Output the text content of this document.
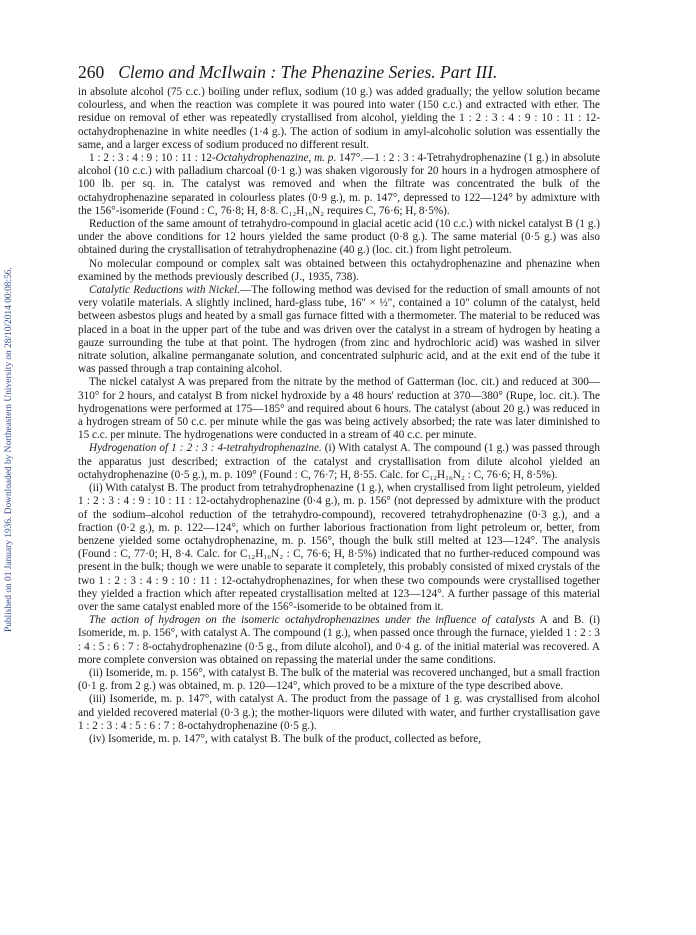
Published on 01 January 1936. Downloaded by Northeastern University on 28/10/2014 00:08:56.
260 Clemo and McIlwain : The Phenazine Series. Part III.

in absolute alcohol (75 c.c.) boiling under reflux, sodium (10 g.) was added gradually; the yellow solution became colourless, and when the reaction was complete it was poured into water (150 c.c.) and extracted with ether. The residue on removal of ether was repeatedly crystallised from alcohol, yielding the 1 : 2 : 3 : 4 : 9 : 10 : 11 : 12-octahydrophenazine in white needles (1·4 g.). The action of sodium in amyl-alcoholic solution was essentially the same, and a larger excess of sodium produced no different result.

1 : 2 : 3 : 4 : 9 : 10 : 11 : 12-Octahydrophenazine, m. p. 147°.—1 : 2 : 3 : 4-Tetrahydrophenazine (1 g.) in absolute alcohol (10 c.c.) with palladium charcoal (0·1 g.) was shaken vigorously for 20 hours in a hydrogen atmosphere of 100 lb. per sq. in. The catalyst was removed and when the filtrate was concentrated the bulk of the octahydrophenazine separated in colourless plates (0·9 g.), m. p. 147°, depressed to 122—124° by admixture with the 156°-isomeride (Found : C, 76·8; H, 8·8. C₁₂H₁₆N₂ requires C, 76·6; H, 8·5%).

Reduction of the same amount of tetrahydro-compound in glacial acetic acid (10 c.c.) with nickel catalyst B (1 g.) under the above conditions for 12 hours yielded the same product (0·8 g.). The same material (0·5 g.) was also obtained during the crystallisation of tetrahydrophenazine (40 g.) (loc. cit.) from light petroleum.

No molecular compound or complex salt was obtained between this octahydrophenazine and phenazine when examined by the methods previously described (J., 1935, 738).

Catalytic Reductions with Nickel.—The following method was devised for the reduction of small amounts of not very volatile materials. A slightly inclined, hard-glass tube, 16″ × ½″, contained a 10″ column of the catalyst, held between asbestos plugs and heated by a small gas furnace fitted with a thermometer. The material to be reduced was placed in a boat in the upper part of the tube and was driven over the catalyst in a stream of hydrogen by heating a gauze surrounding the tube at that point. The hydrogen (from zinc and hydrochloric acid) was washed in silver nitrate solution, alkaline permanganate solution, and concentrated sulphuric acid, and at the exit end of the tube it was passed through a trap containing alcohol.

The nickel catalyst A was prepared from the nitrate by the method of Gatterman (loc. cit.) and reduced at 300—310° for 2 hours, and catalyst B from nickel hydroxide by a 48 hours' reduction at 370—380° (Rupe, loc. cit.). The hydrogenations were performed at 175—185° and required about 6 hours. The catalyst (about 20 g.) was reduced in a hydrogen stream of 50 c.c. per minute while the gas was being actively absorbed; the rate was later diminished to 15 c.c. per minute. The hydrogenations were conducted in a stream of 40 c.c. per minute.

Hydrogenation of 1 : 2 : 3 : 4-tetrahydrophenazine. (i) With catalyst A. The compound (1 g.) was passed through the apparatus just described; extraction of the catalyst and crystallisation from dilute alcohol yielded an octahydrophenazine (0·5 g.), m. p. 109° (Found : C, 76·7; H, 8·55. Calc. for C₁₂H₁₆N₂ : C, 76·6; H, 8·5%).

(ii) With catalyst B. The product from tetrahydrophenazine (1 g.), when crystallised from light petroleum, yielded 1 : 2 : 3 : 4 : 9 : 10 : 11 : 12-octahydrophenazine (0·4 g.), m. p. 156° (not depressed by admixture with the product of the sodium–alcohol reduction of the tetrahydro-compound), recovered tetrahydrophenazine (0·3 g.), and a fraction (0·2 g.), m. p. 122—124°, which on further laborious fractionation from light petroleum or, better, from benzene yielded some octahydrophenazine, m. p. 156°, though the bulk still melted at 123—124°. The analysis (Found : C, 77·0; H, 8·4. Calc. for C₁₂H₁₆N₂ : C, 76·6; H, 8·5%) indicated that no further-reduced compound was present in the bulk; though we were unable to separate it completely, this probably consisted of mixed crystals of the two 1 : 2 : 3 : 4 : 9 : 10 : 11 : 12-octahydrophenazines, for when these two compounds were crystallised together they yielded a fraction which after repeated crystallisation melted at 123—124°. A further passage of this material over the same catalyst enabled more of the 156°-isomeride to be obtained from it.

The action of hydrogen on the isomeric octahydrophenazines under the influence of catalysts A and B. (i) Isomeride, m. p. 156°, with catalyst A. The compound (1 g.), when passed once through the furnace, yielded 1 : 2 : 3 : 4 : 5 : 6 : 7 : 8-octahydrophenazine (0·5 g., from dilute alcohol), and 0·4 g. of the initial material was recovered. A more complete conversion was obtained on repassing the material under the same conditions.

(ii) Isomeride, m. p. 156°, with catalyst B. The bulk of the material was recovered unchanged, but a small fraction (0·1 g. from 2 g.) was obtained, m. p. 120—124°, which proved to be a mixture of the type described above.

(iii) Isomeride, m. p. 147°, with catalyst A. The product from the passage of 1 g. was crystallised from alcohol and yielded recovered material (0·3 g.); the mother-liquors were diluted with water, and further crystallisation gave 1 : 2 : 3 : 4 : 5 : 6 : 7 : 8-octahydrophenazine (0·5 g.).

(iv) Isomeride, m. p. 147°, with catalyst B. The bulk of the product, collected as before,
